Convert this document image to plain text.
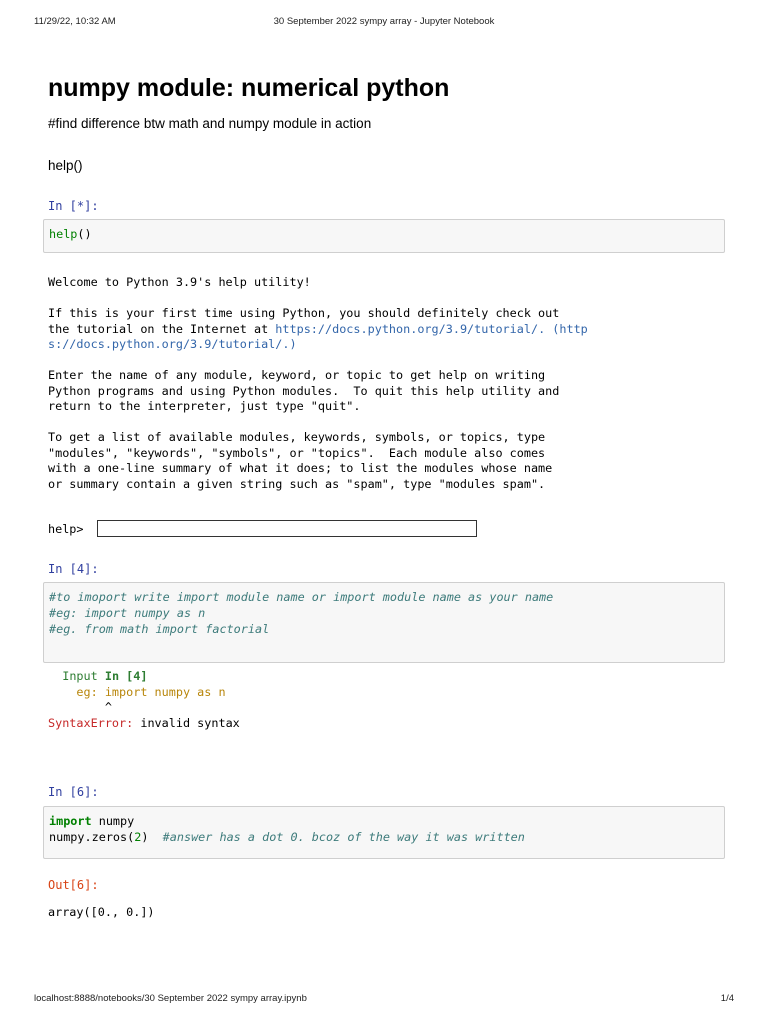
11/29/22, 10:32 AM	30 September 2022 sympy array - Jupyter Notebook
numpy module: numerical python

#find difference btw math and numpy module in action

help()

In [*]:
help()
Welcome to Python 3.9's help utility!
If this is your first time using Python, you should definitely check out
the tutorial on the Internet at https://docs.python.org/3.9/tutorial/. (http
s://docs.python.org/3.9/tutorial/.)
Enter the name of any module, keyword, or topic to get help on writing
Python programs and using Python modules.  To quit this help utility and
return to the interpreter, just type "quit".
To get a list of available modules, keywords, symbols, or topics, type
"modules", "keywords", "symbols", or "topics".  Each module also comes
with a one-line summary of what it does; to list the modules whose name
or summary contain a given string such as "spam", type "modules spam".
help>
In [4]:
#to imoport write import module name or import module name as your name
#eg: import numpy as n
#eg. from math import factorial
Input In [4]
eg: import numpy as n
^
SyntaxError: invalid syntax
In [6]:
import numpy
numpy.zeros(2)  #answer has a dot 0. bcoz of the way it was written
Out[6]:
array([0., 0.])
localhost:8888/notebooks/30 September 2022 sympy array.ipynb	1/4
